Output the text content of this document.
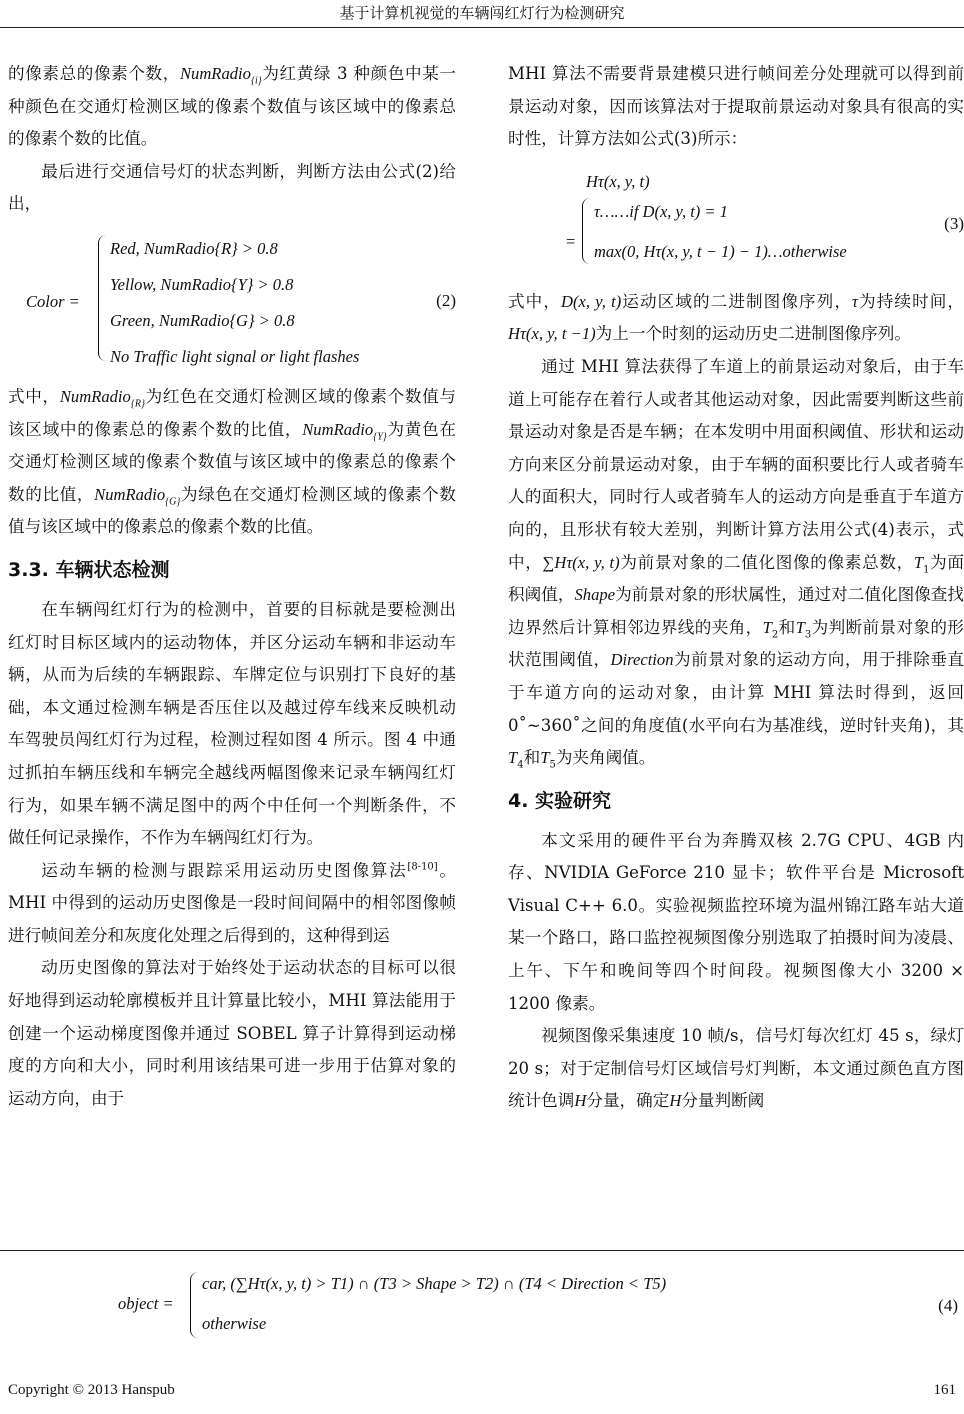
基于计算机视觉的车辆闯红灯行为检测研究

的像素总的像素个数，NumRadio$_{\{i\}}$为红黄绿 3 种颜色中某一种颜色在交通灯检测区域的像素个数值与该区域中的像素总的像素个数的比值。

最后进行交通信号灯的状态判断，判断方法由公式(2)给出，

Color =
Red, NumRadio{R} > 0.8
Yellow, NumRadio{Y} > 0.8
Green, NumRadio{G} > 0.8
No Traffic light signal or light flashes
(2)

式中，NumRadio$_{\{R\}}$为红色在交通灯检测区域的像素个数值与该区域中的像素总的像素个数的比值，NumRadio$_{\{Y\}}$为黄色在交通灯检测区域的像素个数值与该区域中的像素总的像素个数的比值，NumRadio$_{\{G\}}$为绿色在交通灯检测区域的像素个数值与该区域中的像素总的像素个数的比值。

3.3. 车辆状态检测

在车辆闯红灯行为的检测中，首要的目标就是要检测出红灯时目标区域内的运动物体，并区分运动车辆和非运动车辆，从而为后续的车辆跟踪、车牌定位与识别打下良好的基础，本文通过检测车辆是否压住以及越过停车线来反映机动车驾驶员闯红灯行为过程，检测过程如图 4 所示。图 4 中通过抓拍车辆压线和车辆完全越线两幅图像来记录车辆闯红灯行为，如果车辆不满足图中的两个中任何一个判断条件，不做任何记录操作，不作为车辆闯红灯行为。

运动车辆的检测与跟踪采用运动历史图像算法[8-10]。MHI 中得到的运动历史图像是一段时间间隔中的相邻图像帧进行帧间差分和灰度化处理之后得到的，这种得到运

动历史图像的算法对于始终处于运动状态的目标可以很好地得到运动轮廓模板并且计算量比较小，MHI 算法能用于创建一个运动梯度图像并通过 SOBEL 算子计算得到运动梯度的方向和大小，同时利用该结果可进一步用于估算对象的运动方向，由于

MHI 算法不需要背景建模只进行帧间差分处理就可以得到前景运动对象，因而该算法对于提取前景运动对象具有很高的实时性，计算方法如公式(3)所示：

Hτ(x, y, t)
=
τ……if D(x, y, t) = 1
max(0, Hτ(x, y, t − 1) − 1)…otherwise
(3)

式中，D(x, y, t)运动区域的二进制图像序列，τ为持续时间，Hτ(x, y, t −1)为上一个时刻的运动历史二进制图像序列。

通过 MHI 算法获得了车道上的前景运动对象后，由于车道上可能存在着行人或者其他运动对象，因此需要判断这些前景运动对象是否是车辆；在本发明中用面积阈值、形状和运动方向来区分前景运动对象，由于车辆的面积要比行人或者骑车人的面积大，同时行人或者骑车人的运动方向是垂直于车道方向的，且形状有较大差别，判断计算方法用公式(4)表示，式中，∑Hτ(x, y, t)为前景对象的二值化图像的像素总数，$T_1$为面积阈值，Shape为前景对象的形状属性，通过对二值化图像查找边界然后计算相邻边界线的夹角，$T_2$和$T_3$为判断前景对象的形状范围阈值，Direction为前景对象的运动方向，用于排除垂直于车道方向的运动对象，由计算 MHI 算法时得到，返回 0˚~360˚之间的角度值(水平向右为基准线，逆时针夹角)，其$T_4$和$T_5$为夹角阈值。

4. 实验研究

本文采用的硬件平台为奔腾双核 2.7G CPU、4GB 内存、NVIDIA GeForce 210 显卡；软件平台是 Microsoft Visual C++ 6.0。实验视频监控环境为温州锦江路车站大道某一个路口，路口监控视频图像分别选取了拍摄时间为凌晨、上午、下午和晚间等四个时间段。视频图像大小 3200 × 1200 像素。

视频图像采集速度 10 帧/s，信号灯每次红灯 45 s，绿灯 20 s；对于定制信号灯区域信号灯判断，本文通过颜色直方图统计色调H分量，确定H分量判断阈

object =
car, (∑Hτ(x, y, t) > T1) ∩ (T3 > Shape > T2) ∩ (T4 < Direction < T5)
otherwise
(4)
Copyright © 2013 Hanspub	161
